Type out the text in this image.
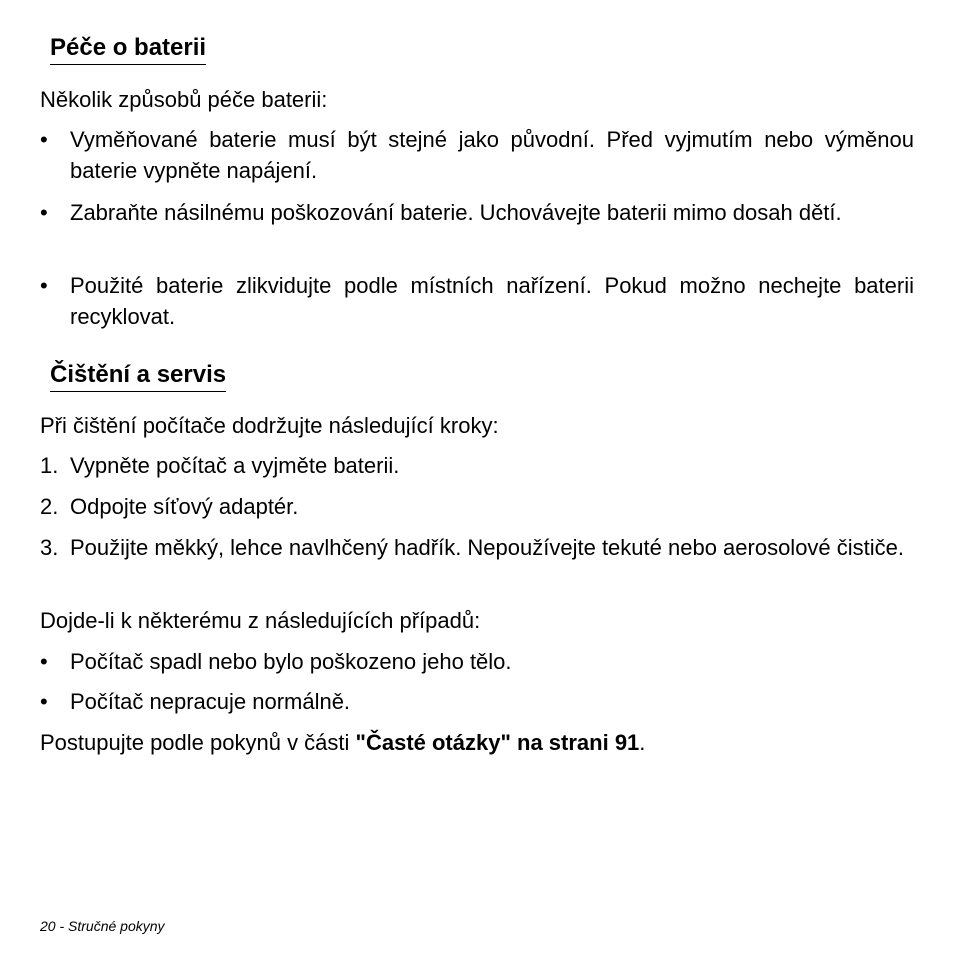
Péče o baterii

Několik způsobů péče baterii:

• Vyměňované baterie musí být stejné jako původní. Před vyjmutím nebo výměnou baterie vypněte napájení.
• Zabraňte násilnému poškozování baterie. Uchovávejte baterii mimo dosah dětí.
• Použité baterie zlikvidujte podle místních nařízení. Pokud možno nechejte baterii recyklovat.
Čištění a servis

Při čištění počítače dodržujte následující kroky:

1. Vypněte počítač a vyjměte baterii.
2. Odpojte síťový adaptér.
3. Použijte měkký, lehce navlhčený hadřík. Nepoužívejte tekuté nebo aerosolové čističe.

Dojde-li k některému z následujících případů:

• Počítač spadl nebo bylo poškozeno jeho tělo.
• Počítač nepracuje normálně.

Postupujte podle pokynů v části "Časté otázky" na strani 91.

20 - Stručné pokyny
